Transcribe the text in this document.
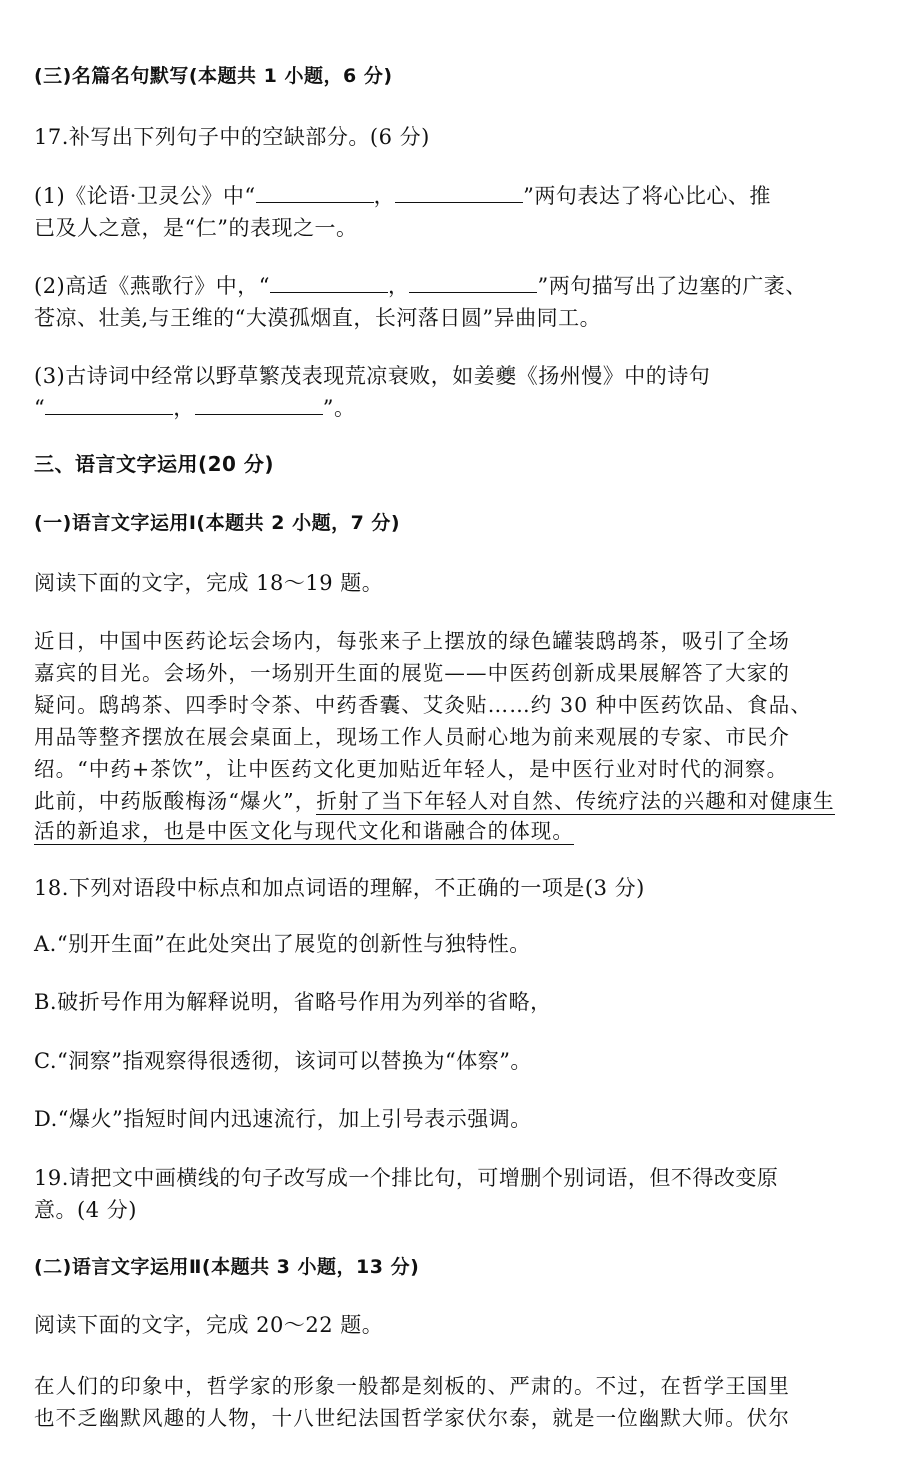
(三)名篇名句默写(本题共 1 小题，6 分)
17.补写出下列句子中的空缺部分。(6 分)
(1)《论语·卫灵公》中“	，	”两句表达了将心比心、推
已及人之意，是“仁”的表现之一。
(2)高适《燕歌行》中，“	，	”两句描写出了边塞的广袤、
苍凉、壮美,与王维的“大漠孤烟直，长河落日圆”异曲同工。
(3)古诗词中经常以野草繁茂表现荒凉衰败，如姜夔《扬州慢》中的诗句
“	，	”。
三、语言文字运用(20 分)
(一)语言文字运用Ⅰ(本题共 2 小题，7 分)
阅读下面的文字，完成 18～19 题。
近日，中国中医药论坛会场内，每张来子上摆放的绿色罐装鸱鸪茶，吸引了全场
嘉宾的目光。会场外，一场别开生面的展览——中医药创新成果展解答了大家的
疑问。鸱鸪茶、四季时令茶、中药香囊、艾灸贴……约 30 种中医药饮品、食品、
用品等整齐摆放在展会桌面上，现场工作人员耐心地为前来观展的专家、市民介
绍。“中药+茶饮”，让中医药文化更加贴近年轻人，是中医行业对时代的洞察。
此前，中药版酸梅汤“爆火”，折射了当下年轻人对自然、传统疗法的兴趣和对健康生
活的新追求，也是中医文化与现代文化和谐融合的体现。
18.下列对语段中标点和加点词语的理解，不正确的一项是(3 分)
A.“别开生面”在此处突出了展览的创新性与独特性。
B.破折号作用为解释说明，省略号作用为列举的省略，
C.“洞察”指观察得很透彻，该词可以替换为“体察”。
D.“爆火”指短时间内迅速流行，加上引号表示强调。
19.请把文中画横线的句子改写成一个排比句，可增删个别词语，但不得改变原
意。(4 分)
(二)语言文字运用Ⅱ(本题共 3 小题，13 分)
阅读下面的文字，完成 20～22 题。
在人们的印象中，哲学家的形象一般都是刻板的、严肃的。不过，在哲学王国里
也不乏幽默风趣的人物，十八世纪法国哲学家伏尔泰，就是一位幽默大师。伏尔
